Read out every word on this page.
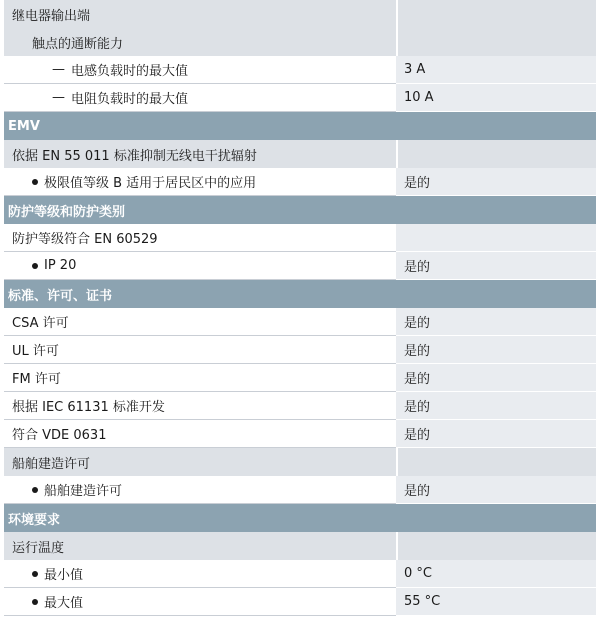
继电器输出端
触点的通断能力
— 电感负载时的最大值	3 A
— 电阻负载时的最大值	10 A
EMV
依据 EN 55 011 标准抑制无线电干扰辐射
极限值等级 B 适用于居民区中的应用	是的
防护等级和防护类别
防护等级符合 EN 60529
IP 20	是的
标准、许可、证书
CSA 许可	是的
UL 许可	是的
FM 许可	是的
根据 IEC 61131 标准开发	是的
符合 VDE 0631	是的
船舶建造许可
船舶建造许可	是的
环境要求
运行温度
最小值	0 °C
最大值	55 °C
